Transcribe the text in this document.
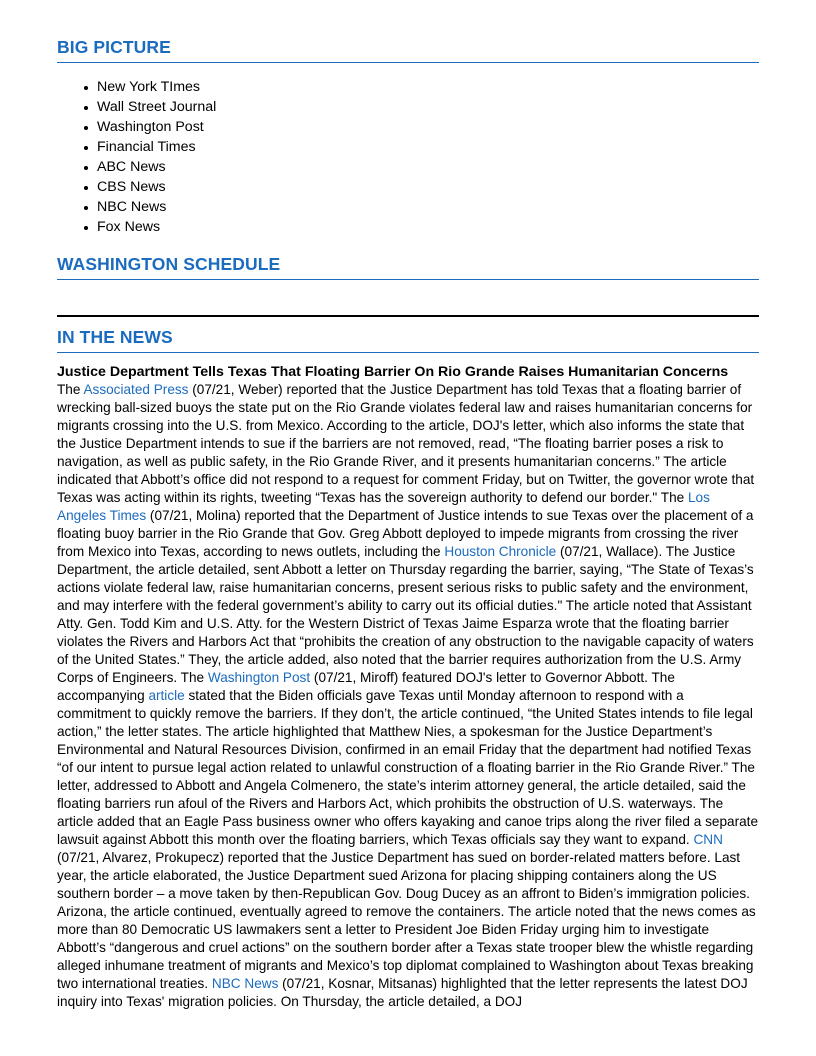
BIG PICTURE
New York TImes
Wall Street Journal
Washington Post
Financial Times
ABC News
CBS News
NBC News
Fox News
WASHINGTON SCHEDULE
IN THE NEWS
Justice Department Tells Texas That Floating Barrier On Rio Grande Raises Humanitarian Concerns
The Associated Press (07/21, Weber) reported that the Justice Department has told Texas that a floating barrier of wrecking ball-sized buoys the state put on the Rio Grande violates federal law and raises humanitarian concerns for migrants crossing into the U.S. from Mexico. According to the article, DOJ's letter, which also informs the state that the Justice Department intends to sue if the barriers are not removed, read, “The floating barrier poses a risk to navigation, as well as public safety, in the Rio Grande River, and it presents humanitarian concerns.” The article indicated that Abbott’s office did not respond to a request for comment Friday, but on Twitter, the governor wrote that Texas was acting within its rights, tweeting “Texas has the sovereign authority to defend our border." The Los Angeles Times (07/21, Molina) reported that the Department of Justice intends to sue Texas over the placement of a floating buoy barrier in the Rio Grande that Gov. Greg Abbott deployed to impede migrants from crossing the river from Mexico into Texas, according to news outlets, including the Houston Chronicle (07/21, Wallace). The Justice Department, the article detailed, sent Abbott a letter on Thursday regarding the barrier, saying, “The State of Texas’s actions violate federal law, raise humanitarian concerns, present serious risks to public safety and the environment, and may interfere with the federal government’s ability to carry out its official duties." The article noted that Assistant Atty. Gen. Todd Kim and U.S. Atty. for the Western District of Texas Jaime Esparza wrote that the floating barrier violates the Rivers and Harbors Act that “prohibits the creation of any obstruction to the navigable capacity of waters of the United States.” They, the article added, also noted that the barrier requires authorization from the U.S. Army Corps of Engineers. The Washington Post (07/21, Miroff) featured DOJ's letter to Governor Abbott. The accompanying article stated that the Biden officials gave Texas until Monday afternoon to respond with a commitment to quickly remove the barriers. If they don’t, the article continued, “the United States intends to file legal action,” the letter states. The article highlighted that Matthew Nies, a spokesman for the Justice Department’s Environmental and Natural Resources Division, confirmed in an email Friday that the department had notified Texas “of our intent to pursue legal action related to unlawful construction of a floating barrier in the Rio Grande River.” The letter, addressed to Abbott and Angela Colmenero, the state’s interim attorney general, the article detailed, said the floating barriers run afoul of the Rivers and Harbors Act, which prohibits the obstruction of U.S. waterways. The article added that an Eagle Pass business owner who offers kayaking and canoe trips along the river filed a separate lawsuit against Abbott this month over the floating barriers, which Texas officials say they want to expand. CNN (07/21, Alvarez, Prokupecz) reported that the Justice Department has sued on border-related matters before. Last year, the article elaborated, the Justice Department sued Arizona for placing shipping containers along the US southern border – a move taken by then-Republican Gov. Doug Ducey as an affront to Biden’s immigration policies. Arizona, the article continued, eventually agreed to remove the containers. The article noted that the news comes as more than 80 Democratic US lawmakers sent a letter to President Joe Biden Friday urging him to investigate Abbott’s “dangerous and cruel actions” on the southern border after a Texas state trooper blew the whistle regarding alleged inhumane treatment of migrants and Mexico’s top diplomat complained to Washington about Texas breaking two international treaties. NBC News (07/21, Kosnar, Mitsanas) highlighted that the letter represents the latest DOJ inquiry into Texas' migration policies. On Thursday, the article detailed, a DOJ
